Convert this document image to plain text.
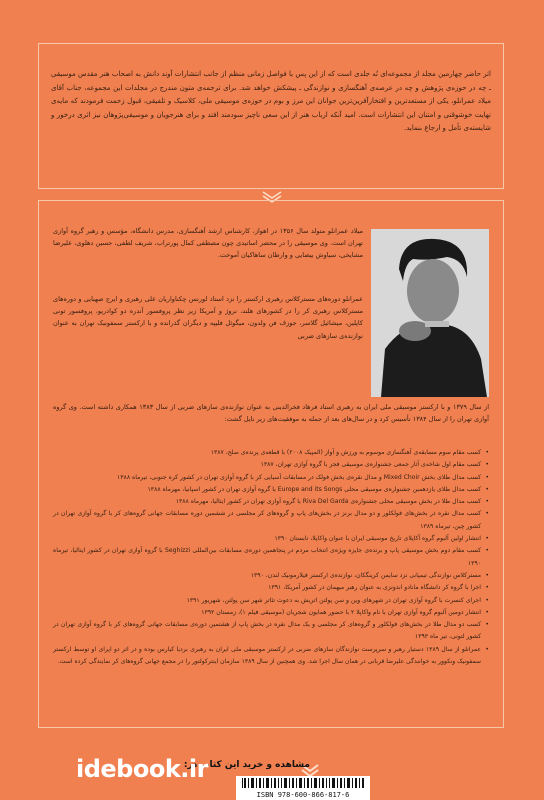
اثر حاضر چهارمین مجلد از مجموعه‌ای نُه جلدی است که از این پس با فواصل زمانی منظم از جانب انتشارات آوند دانش به اصحاب هنر مقدس موسیقی ـ چه در حوزه‌ی پژوهش و چه در عرصه‌ی آهنگسازی و نوازندگی ـ پیشکش خواهد شد. برای ترجمه‌ی متون مندرج در مجلدات این مجموعه، جناب آقای میلاد عمرانلو، یکی از مستعدترین و افتخارآفرین‌ترین جوانان این مرز و بوم در حوزه‌ی موسیقی ملی، کلاسیک و تلفیقی، قبول زحمت فرمودند که مایه‌ی نهایت خوشوقتی و امتنان این انتشارات است. امید آنکه ارباب هنر از این سعی ناچیز سودمند افتد و برای هنرجویان و موسیقی‌پژوهان نیز اثری درخور و شایسته‌ی تأمل و ارجاع بنماید.

میلاد عمرانلو متولد سال ۱۳۵۶ در اهواز، کارشناس ارشد آهنگسازی، مدرس دانشگاه، مؤسس و رهبر گروه آوازی تهران است. وی موسیقی را در محضر اساتیدی چون مصطفی کمال پورتراب، شریف لطفی، حسین دهلوی، علیرضا مشایخی، سیاوش بیضایی و وارطان ساهاکیان آموخت.

عمرانلو دوره‌های مسترکلاس رهبری ارکستر را نزد استاد لورنس چکناواریان علی رهبری و ایرج صهبایی و دوره‌های مسترکلاس رهبری کر را در کشورهای هلند، نروژ و آمریکا زیر نظر پروفسور آندره دو کوادریو، پروفسور تونی کاپلین، میشائیل گلاسر، جوزف فن ولدون، میگوئل فلیپه و دیگران گذرانده و با ارکستر سمفونیک تهران به عنوان نوازنده‌ی سازهای ضربی

از سال ۱۳۷۹ و با ارکستر موسیقی ملی ایران به رهبری استاد فرهاد فخرالدینی به عنوان نوازنده‌ی سازهای ضربی از سال ۱۳۸۳ همکاری داشته است. وی گروه آوازی تهران را از سال ۱۳۸۴ تأسیس کرد و در سال‌های بعد از جمله به موفقیت‌های زیر نایل گشت:

• کسب مقام سوم مسابقه‌ی آهنگسازی موسوم به ورزش و آواز (المپیک ۲۰۰۸) با قطعه‌ی پرنده‌ی صلح، ۱۳۸۷
• کسب مقام اول شاخه‌ی آثار جمعی جشنواره‌ی موسیقی فجر با گروه آوازی تهران، ۱۳۸۷
• کسب مدال طلای بخش Mixed Choir و مدال نقره‌ی بخش فولک در مسابقات آسیایی کر با گروه آوازی تهران در کشور کره جنوبی، تیرماه ۱۳۸۸
• کسب مدال طلای یازدهمین جشنواره‌ی موسیقی محلی Europe and its Songs با گروه آوازی تهران در کشور اسپانیا، مهرماه ۱۳۸۸
• کسب مدال طلا در بخش موسیقی محلی جشنواره‌ی Riva Del Garda با گروه آوازی تهران در کشور ایتالیا، مهرماه ۱۳۸۸
• کسب مدال نقره در بخش‌های فولکلور و دو مدال برنز در بخش‌های پاپ و گروه‌های کر مجلسی در ششمین دوره مسابقات جهانی گروه‌های کر با گروه آوازی تهران در کشور چین، تیرماه ۱۳۸۹
• انتشار اولین آلبوم گروه آکاپلای تاریخ موسیقی ایران با عنوان واکاپلا، تابستان ۱۳۹۰
• کسب مقام دوم بخش موسیقی پاپ و برنده‌ی جایزه ویژه‌ی انتخاب مردم در پنجاهمین دوره‌ی مسابقات بین‌المللی Seghizzi با گروه آوازی تهران در کشور ایتالیا، تیرماه ۱۳۹۰
• مسترکلاس نوازندگی تیمپانی نزد سایمن کرینگکان، نوازنده‌ی ارکستر فیلارمونیک لندن، ۱۳۹۰
• اجرا با گروه کر دانشگاه مانادو اندونزی به عنوان رهبر میهمان در کشور آمریکا، ۱۳۹۱
• اجرای کنسرت با گروه آوازی تهران در شهرهای وین و سن پولتن اتریش به دعوت تئاتر شهر سن پولتن، شهریور ۱۳۹۱
• انتشار دومین آلبوم گروه آوازی تهران با نام واکاپلا ۲ با حضور همایون شجریان (موسیقی فیلم ۱)، زمستان ۱۳۹۲
• کسب دو مدال طلا در بخش‌های فولکلور و گروه‌های کر مجلسی و یک مدال نقره در بخش پاپ از هشتمین دوره‌ی مسابقات جهانی گروه‌های کر با گروه آوازی تهران در کشور لتونی، تیر ماه ۱۳۹۳
• عمرانلو از سال ۱۳۸۹ دستیار رهبر و سرپرست نوازندگان سازهای ضربی در ارکستر موسیقی ملی ایران به رهبری بردیا کیارس بوده و در اثر دو اپرای او توسط ارکستر سمفونیک ونکوور به خوانندگی علیرضا قربانی در همان سال اجرا شد. وی همچنین از سال ۱۳۸۹ سازمان اینترکولتور را در مجمع جهانی گروه‌های کر نمایندگی کرده است.
مشاهده و خرید این کتاب در:
idebook.ir
ISBN 978-600-866-817-6
